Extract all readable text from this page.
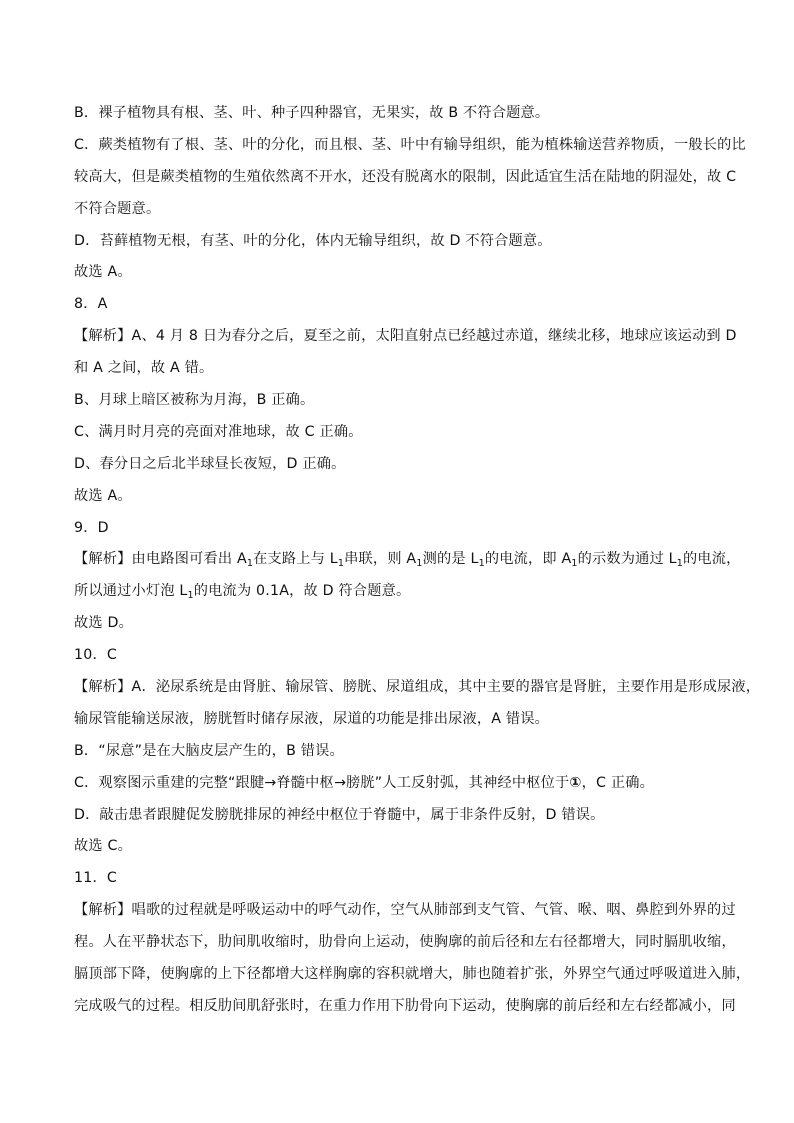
B．裸子植物具有根、茎、叶、种子四种器官，无果实，故 B 不符合题意。
C．蕨类植物有了根、茎、叶的分化，而且根、茎、叶中有输导组织，能为植株输送营养物质，一般长的比
较高大，但是蕨类植物的生殖依然离不开水，还没有脱离水的限制，因此适宜生活在陆地的阴湿处，故 C
不符合题意。
D．苔藓植物无根，有茎、叶的分化，体内无输导组织，故 D 不符合题意。
故选 A。
8．A
【解析】A、4 月 8 日为春分之后，夏至之前，太阳直射点已经越过赤道，继续北移，地球应该运动到 D
和 A 之间，故 A 错。
B、月球上暗区被称为月海，B 正确。
C、满月时月亮的亮面对准地球，故 C 正确。
D、春分日之后北半球昼长夜短，D 正确。
故选 A。
9．D
【解析】由电路图可看出 $A_1$在支路上与 $L_1$串联，则 $A_1$测的是 $L_1$的电流，即 $A_1$的示数为通过 $L_1$的电流，
所以通过小灯泡 $L_1$的电流为 0.1A，故 D 符合题意。
故选 D。
10．C
【解析】A．泌尿系统是由肾脏、输尿管、膀胱、尿道组成，其中主要的器官是肾脏，主要作用是形成尿液，
输尿管能输送尿液，膀胱暂时储存尿液，尿道的功能是排出尿液，A 错误。
B．“尿意”是在大脑皮层产生的，B 错误。
C．观察图示重建的完整“跟腱→脊髓中枢→膀胱”人工反射弧，其神经中枢位于①，C 正确。
D．敲击患者跟腱促发膀胱排尿的神经中枢位于脊髓中，属于非条件反射，D 错误。
故选 C。
11．C
【解析】唱歌的过程就是呼吸运动中的呼气动作，空气从肺部到支气管、气管、喉、咽、鼻腔到外界的过
程。人在平静状态下，肋间肌收缩时，肋骨向上运动，使胸廓的前后径和左右径都增大，同时膈肌收缩，
膈顶部下降，使胸廓的上下径都增大这样胸廓的容积就增大，肺也随着扩张，外界空气通过呼吸道进入肺，
完成吸气的过程。相反肋间肌舒张时，在重力作用下肋骨向下运动，使胸廓的前后经和左右经都减小，同
